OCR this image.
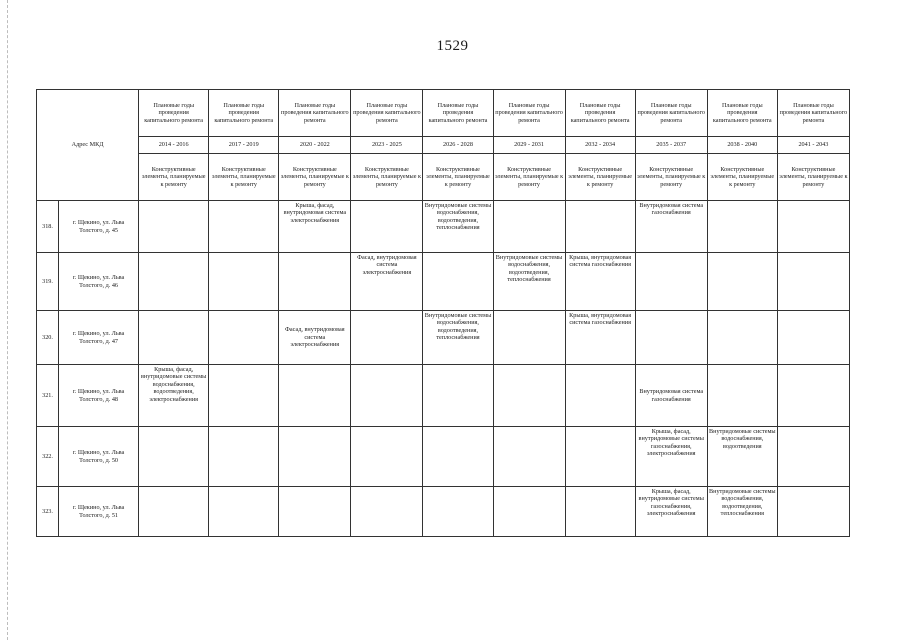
1529
Адрес МКД		Плановые годы проведения капитального ремонта	Плановые годы проведения капитального ремонта	Плановые годы проведения капитального ремонта	Плановые годы проведения капитального ремонта	Плановые годы проведения капитального ремонта	Плановые годы проведения капитального ремонта	Плановые годы проведения капитального ремонта	Плановые годы проведения капитального ремонта	Плановые годы проведения капитального ремонта	Плановые годы проведения капитального ремонта
		2014 - 2016	2017 - 2019	2020 - 2022	2023 - 2025	2026 - 2028	2029 - 2031	2032 - 2034	2035 - 2037	2038 - 2040	2041 - 2043
		Конструктивные элементы, планируемые к ремонту	Конструктивные элементы, планируемые к ремонту	Конструктивные элементы, планируемые к ремонту	Конструктивные элементы, планируемые к ремонту	Конструктивные элементы, планируемые к ремонту	Конструктивные элементы, планируемые к ремонту	Конструктивные элементы, планируемые к ремонту	Конструктивные элементы, планируемые к ремонту	Конструктивные элементы, планируемые к ремонту	Конструктивные элементы, планируемые к ремонту
318.	г. Щекино, ул. Льва Толстого, д. 45			Крыша, фасад, внутридомовая система электроснабжения		Внутридомовые системы водоснабжения, водоотведения, теплоснабжения			Внутридомовая система газоснабжения		
319.	г. Щекино, ул. Льва Толстого, д. 46				Фасад, внутридомовая система электроснабжения		Внутридомовые системы водоснабжения, водоотведения, теплоснабжения	Крыша, внутридомовая система газоснабжения			
320.	г. Щекино, ул. Льва Толстого, д. 47			Фасад, внутридомовая система электроснабжения		Внутридомовые системы водоснабжения, водоотведения, теплоснабжения		Крыша, внутридомовая система газоснабжения			
321.	г. Щекино, ул. Льва Толстого, д. 48	Крыша, фасад, внутридомовые системы водоснабжения, водоотведения, электроснабжения							Внутридомовая система газоснабжения		
322.	г. Щекино, ул. Льва Толстого, д. 50								Крыша, фасад, внутридомовые системы газоснабжения, электроснабжения	Внутридомовые системы водоснабжения, водоотведения	
323.	г. Щекино, ул. Льва Толстого, д. 51								Крыша, фасад, внутридомовые системы газоснабжения, электроснабжения	Внутридомовые системы водоснабжения, водоотведения, теплоснабжения	
